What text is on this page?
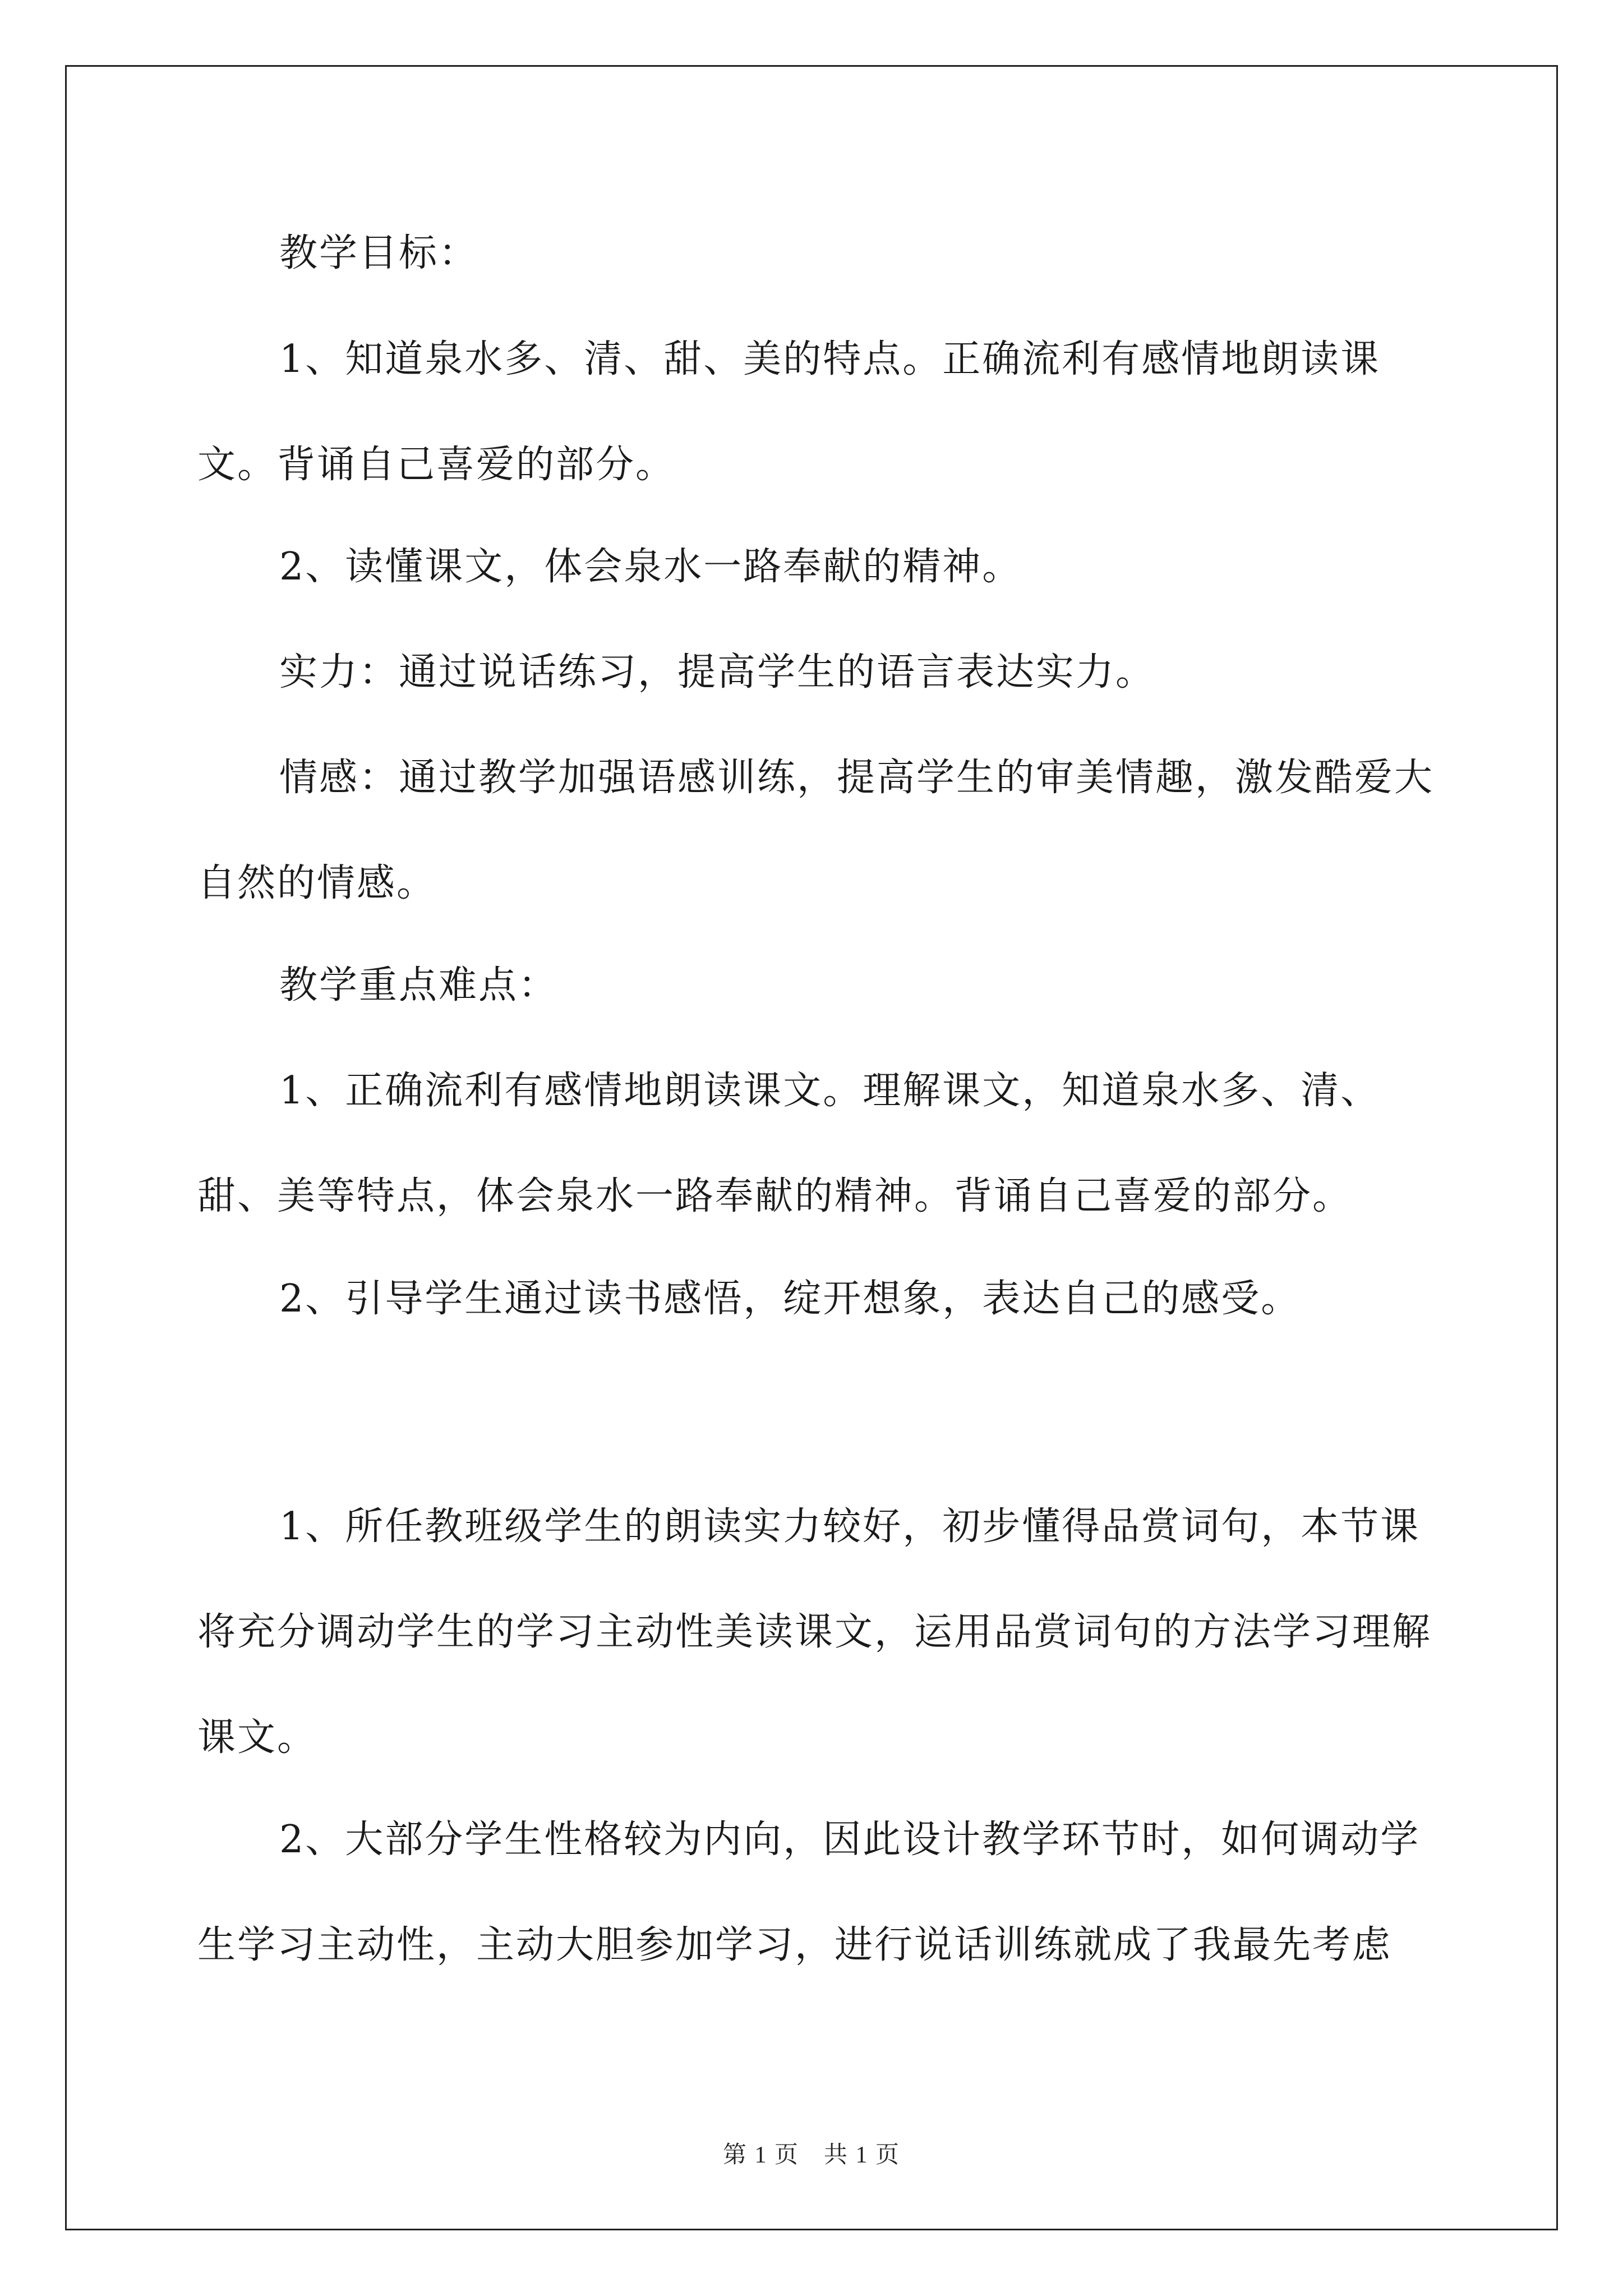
教学目标：

1、知道泉水多、清、甜、美的特点。正确流利有感情地朗读课文。背诵自己喜爱的部分。

2、读懂课文，体会泉水一路奉献的精神。

实力：通过说话练习，提高学生的语言表达实力。

情感：通过教学加强语感训练，提高学生的审美情趣，激发酷爱大自然的情感。

教学重点难点：

1、正确流利有感情地朗读课文。理解课文，知道泉水多、清、甜、美等特点，体会泉水一路奉献的精神。背诵自己喜爱的部分。

2、引导学生通过读书感悟，绽开想象，表达自己的感受。

1、所任教班级学生的朗读实力较好，初步懂得品赏词句，本节课将充分调动学生的学习主动性美读课文，运用品赏词句的方法学习理解课文。

2、大部分学生性格较为内向，因此设计教学环节时，如何调动学生学习主动性，主动大胆参加学习，进行说话训练就成了我最先考虑

第 1 页　共 1 页
